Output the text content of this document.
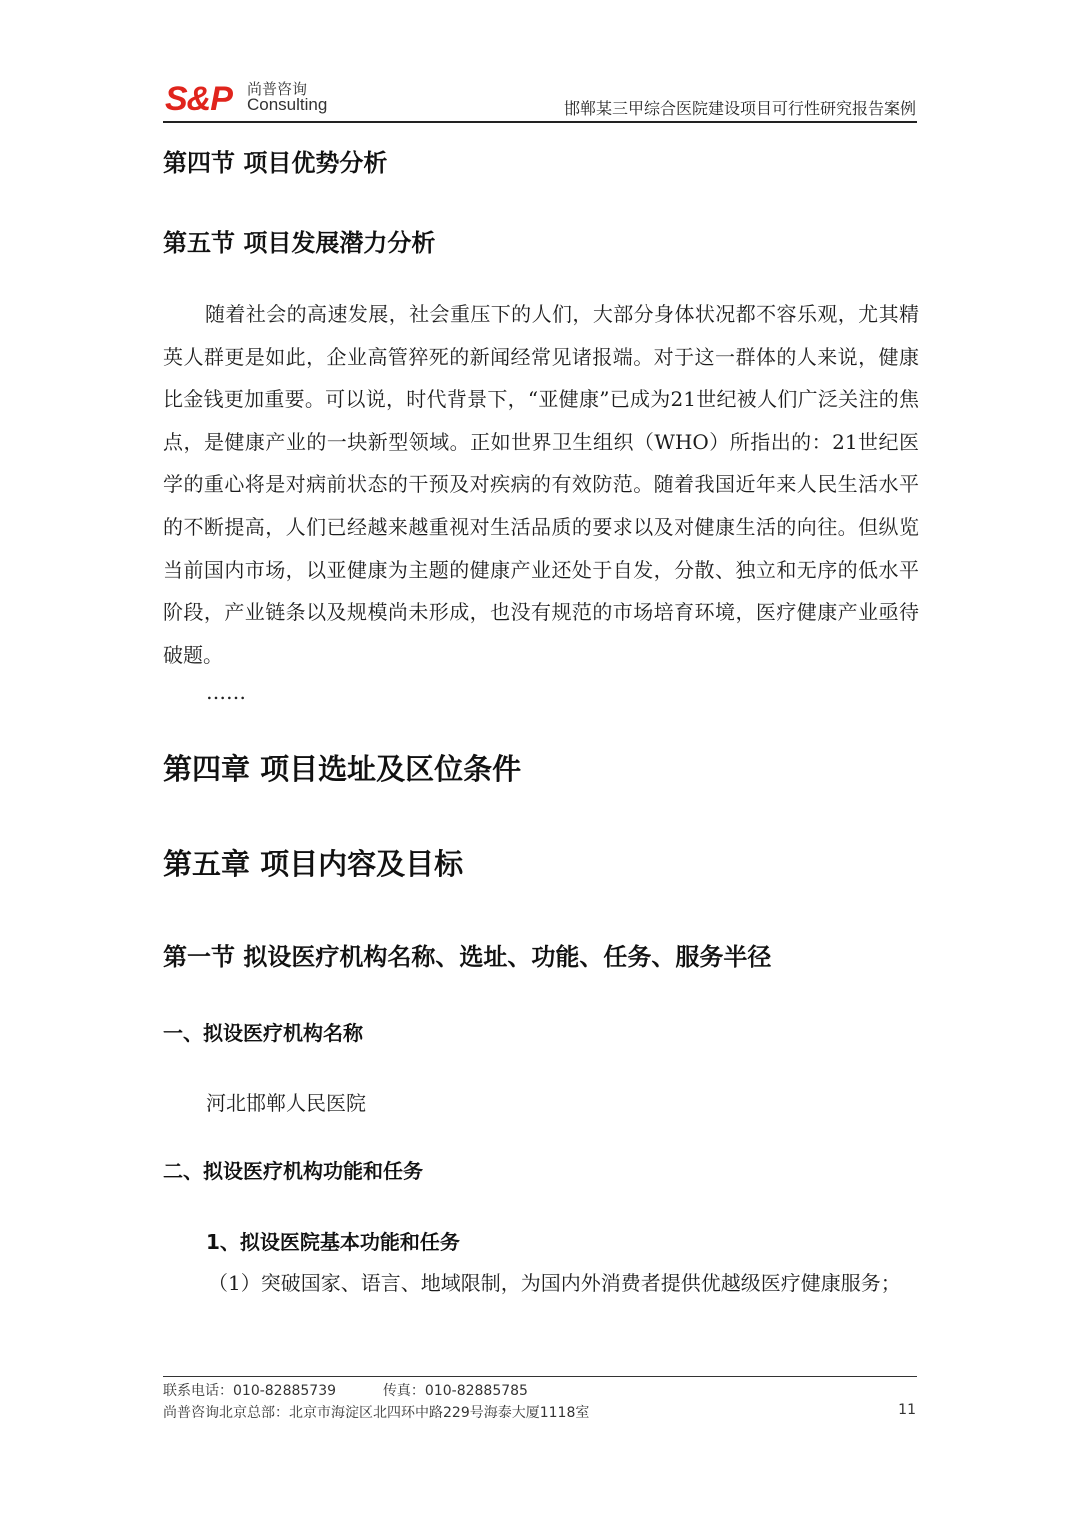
S&P 尚普咨询
Consulting	邯郸某三甲综合医院建设项目可行性研究报告案例
第四节 项目优势分析
第五节 项目发展潜力分析
随着社会的高速发展，社会重压下的人们，大部分身体状况都不容乐观，尤其精英人群更是如此，企业高管猝死的新闻经常见诸报端。对于这一群体的人来说，健康比金钱更加重要。可以说，时代背景下，“亚健康”已成为21世纪被人们广泛关注的焦点，是健康产业的一块新型领域。正如世界卫生组织（WHO）所指出的：21世纪医学的重心将是对病前状态的干预及对疾病的有效防范。随着我国近年来人民生活水平的不断提高，人们已经越来越重视对生活品质的要求以及对健康生活的向往。但纵览当前国内市场，以亚健康为主题的健康产业还处于自发，分散、独立和无序的低水平阶段，产业链条以及规模尚未形成，也没有规范的市场培育环境，医疗健康产业亟待破题。
……
第四章 项目选址及区位条件
第五章 项目内容及目标
第一节 拟设医疗机构名称、选址、功能、任务、服务半径
一、拟设医疗机构名称
河北邯郸人民医院
二、拟设医疗机构功能和任务
1、拟设医院基本功能和任务
（1）突破国家、语言、地域限制，为国内外消费者提供优越级医疗健康服务；
联系电话：010-82885739	传真：010-82885785
尚普咨询北京总部：北京市海淀区北四环中路229号海泰大厦1118室	11
